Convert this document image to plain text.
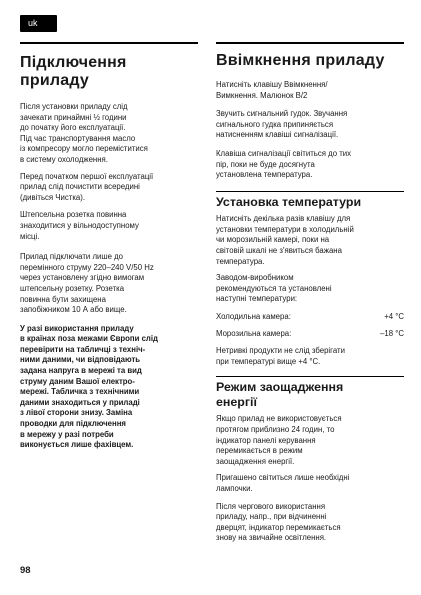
uk
Підключення
приладу
Після установки приладу слід
зачекати принаймні ½ години
до початку його експлуатації.
Під час транспортування масло
із компресору могло переміститися
в систему охолодження.
Перед початком першої експлуатації
прилад слід почистити всередині
(дивіться Чистка).
Штепсельна розетка повинна
знаходитися у вільнодоступному
місці.
Прилад підключати лише до
перемінного струму 220–240 V/50 Hz
через установлену згідно вимогам
штепсельну розетку. Розетка
повинна бути захищена
запобіжником 10 А або вище.
У разі використання приладу
в країнах поза межами Європи слід
перевірити на табличці з техніч-
ними даними, чи відповідають
задана напруга в мережі та вид
струму даним Вашої електро-
мережі. Табличка з технічними
даними знаходиться у приладі
з лівої сторони знизу. Заміна
проводки для підключення
в мережу у разі потреби
виконується лише фахівцем.
Ввімкнення приладу
Натисніть клавішу Ввімкнення/
Вимкнення. Малюнок B/2
Звучить сигнальний гудок. Звучання
сигнального гудка припиняється
натисненням клавіші сигналізації.
Клавіша сигналізації світиться до тих
пір, поки не буде досягнута
установлена температура.
Установка температури
Натисніть декілька разів клавішу для
установки температури в холодильній
чи морозильній камері, поки на
світовій шкалі не з'явиться бажана
температура.
Заводом-виробником
рекомендуються та установлені
наступні температури:
Холодильна камера:	+4 °C
Морозильна камера:	–18 °C
Нетривкі продукти не слід зберігати
при температурі вище +4 °C.
Режим заощадження
енергії
Якщо прилад не використовується
протягом приблизно 24 годин, то
індикатор панелі керування
перемикається в режим
заощадження енергії.
Пригашено світиться лише необхідні
лампочки.
Після чергового використання
приладу, напр., при відчиненні
дверцят, індикатор перемикається
знову на звичайне освітлення.
98
